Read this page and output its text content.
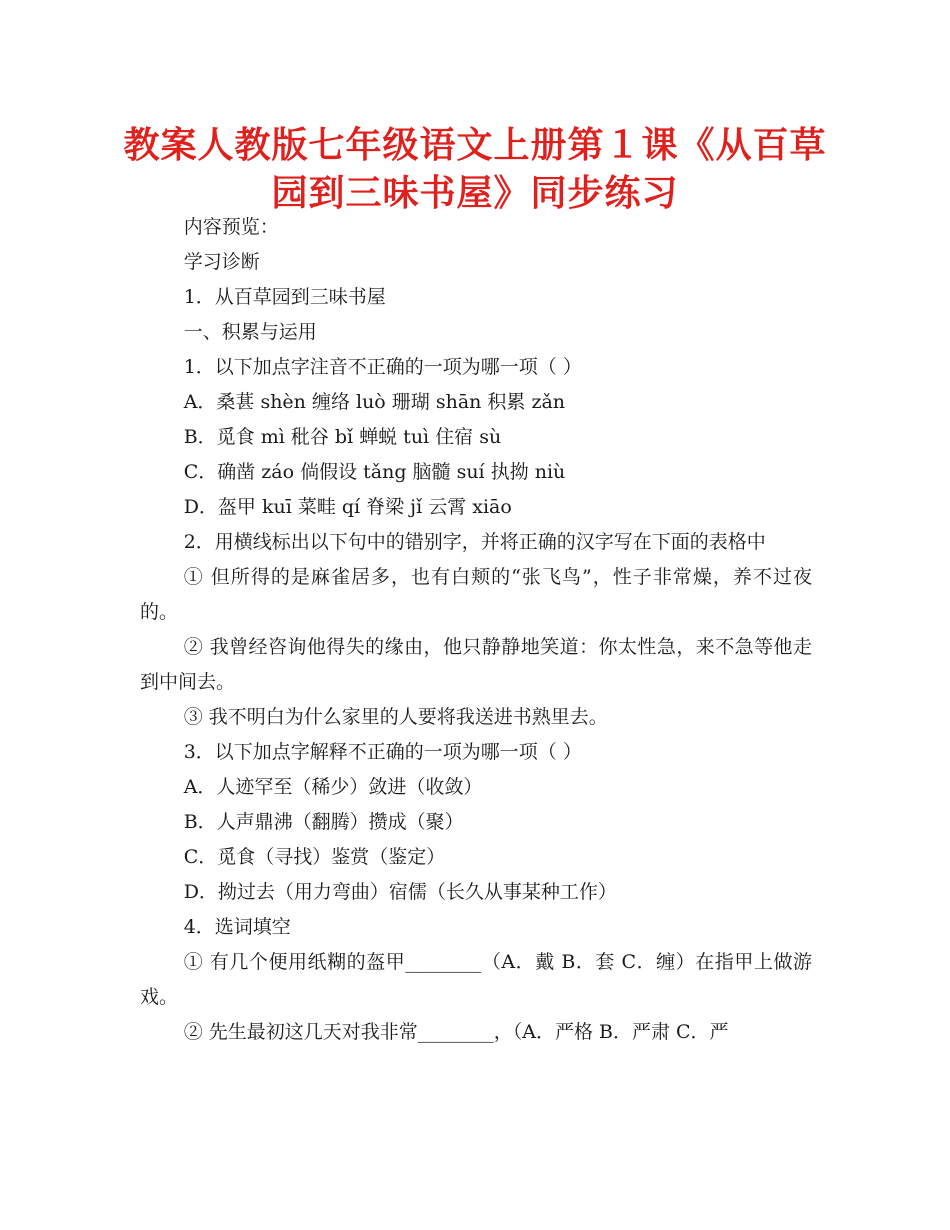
教案人教版七年级语文上册第１课《从百草园到三味书屋》同步练习

内容预览：

学习诊断

1．从百草园到三味书屋

一、积累与运用

1．以下加点字注音不正确的一项为哪一项（ ）

A．桑葚 shèn 缠络 luò 珊瑚 shān 积累 zǎn

B．觅食 mì 秕谷 bǐ 蝉蜕 tuì 住宿 sù

C．确凿 záo 倘假设 tǎng 脑髓 suí 执拗 niù

D．盔甲 kuī 菜畦 qí 脊梁 jǐ 云霄 xiāo

2．用横线标出以下句中的错别字，并将正确的汉字写在下面的表格中

① 但所得的是麻雀居多，也有白颊的“张飞鸟”，性子非常燥，养不过夜的。

② 我曾经咨询他得失的缘由，他只静静地笑道：你太性急，来不急等他走到中间去。

③ 我不明白为什么家里的人要将我送进书熟里去。

3．以下加点字解释不正确的一项为哪一项（ ）

A．人迹罕至（稀少）敛进（收敛）

B．人声鼎沸（翻腾）攒成（聚）

C．觅食（寻找）鉴赏（鉴定）

D．拗过去（用力弯曲）宿儒（长久从事某种工作）

4．选词填空

① 有几个便用纸糊的盔甲________（A．戴 B．套 C．缠）在指甲上做游戏。

② 先生最初这几天对我非常________，（A．严格 B．严肃 C．严
